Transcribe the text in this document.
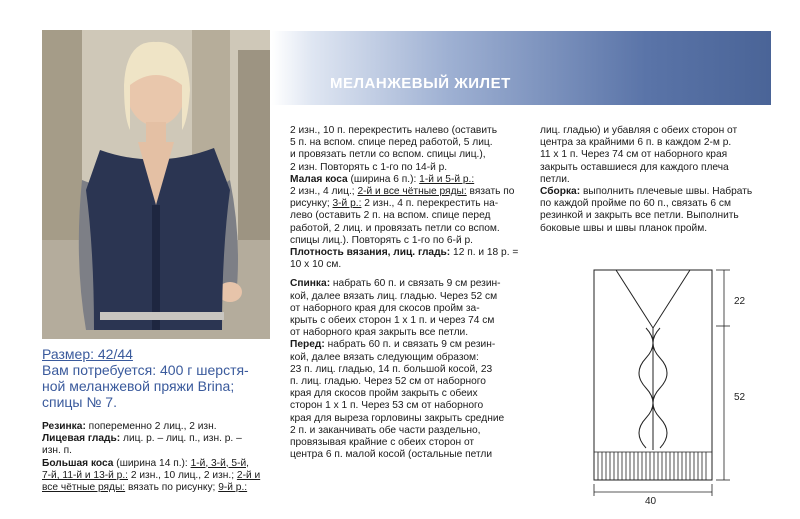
МЕЛАНЖЕВЫЙ ЖИЛЕТ
Размер: 42/44
Вам потребуется: 400 г шерстя-
ной меланжевой пряжи Brina;
спицы № 7.

Резинка: попеременно 2 лиц., 2 изн.

Лицевая гладь: лиц. р. – лиц. п., изн. р. –

изн. п.

Большая коса (ширина 14 п.): 1-й, 3-й, 5-й,

7-й, 11-й и 13-й р.: 2 изн., 10 лиц., 2 изн.; 2-й и

все чётные ряды: вязать по рисунку; 9-й р.:

2 изн., 10 п. перекрестить налево (оставить

5 п. на вспом. спице перед работой, 5 лиц.

и провязать петли со вспом. спицы лиц.),

2 изн. Повторять с 1-го по 14-й р.

Малая коса (ширина 6 п.): 1-й и 5-й р.:

2 изн., 4 лиц.; 2-й и все чётные ряды: вязать по

рисунку; 3-й р.: 2 изн., 4 п. перекрестить на-

лево (оставить 2 п. на вспом. спице перед

работой, 2 лиц. и провязать петли со вспом.

спицы лиц.). Повторять с 1-го по 6-й р.

Плотность вязания, лиц. гладь: 12 п. и 18 р. =

10 х 10 см.

Спинка: набрать 60 п. и связать 9 см резин-

кой, далее вязать лиц. гладью. Через 52 см

от наборного края для скосов пройм за-

крыть с обеих сторон 1 х 1 п. и через 74 см

от наборного края закрыть все петли.

Перед: набрать 60 п. и связать 9 см резин-

кой, далее вязать следующим образом:

23 п. лиц. гладью, 14 п. большой косой, 23

п. лиц. гладью. Через 52 см от наборного

края для скосов пройм закрыть с обеих

сторон 1 х 1 п. Через 53 см от наборного

края для выреза горловины закрыть средние

2 п. и заканчивать обе части раздельно,

провязывая крайние с обеих сторон от

центра 6 п. малой косой (остальные петли

лиц. гладью) и убавляя с обеих сторон от

центра за крайними 6 п. в каждом 2-м р.

11 х 1 п. Через 74 см от наборного края

закрыть оставшиеся для каждого плеча

петли.

Сборка: выполнить плечевые швы. Набрать

по каждой пройме по 60 п., связать 6 см

резинкой и закрыть все петли. Выполнить

боковые швы и швы планок пройм.

22
52
40
